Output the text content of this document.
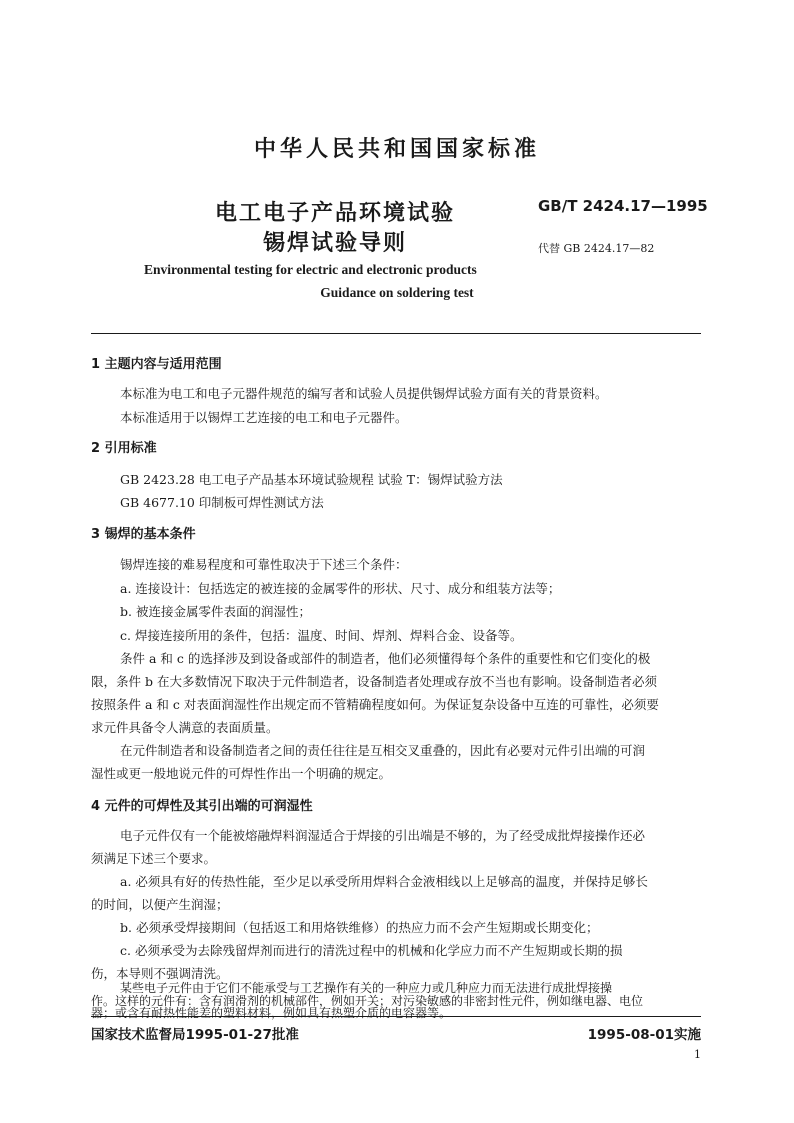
中华人民共和国国家标准
电工电子产品环境试验
锡焊试验导则
GB/T 2424.17—1995
代替 GB 2424.17—82
Environmental testing for electric and electronic products
Guidance on soldering test
1 主题内容与适用范围
本标准为电工和电子元器件规范的编写者和试验人员提供锡焊试验方面有关的背景资料。
本标准适用于以锡焊工艺连接的电工和电子元器件。
2 引用标准
GB 2423.28 电工电子产品基本环境试验规程 试验 T：锡焊试验方法
GB 4677.10 印制板可焊性测试方法
3 锡焊的基本条件
锡焊连接的难易程度和可靠性取决于下述三个条件：
a. 连接设计：包括选定的被连接的金属零件的形状、尺寸、成分和组装方法等；
b. 被连接金属零件表面的润湿性；
c. 焊接连接所用的条件，包括：温度、时间、焊剂、焊料合金、设备等。
条件 a 和 c 的选择涉及到设备或部件的制造者，他们必须懂得每个条件的重要性和它们变化的极
限，条件 b 在大多数情况下取决于元件制造者，设备制造者处理或存放不当也有影响。设备制造者必须
按照条件 a 和 c 对表面润湿性作出规定而不管精确程度如何。为保证复杂设备中互连的可靠性，必须要
求元件具备令人满意的表面质量。
在元件制造者和设备制造者之间的责任往往是互相交叉重叠的，因此有必要对元件引出端的可润
湿性或更一般地说元件的可焊性作出一个明确的规定。
4 元件的可焊性及其引出端的可润湿性
电子元件仅有一个能被熔融焊料润湿适合于焊接的引出端是不够的，为了经受成批焊接操作还必
须满足下述三个要求。
a. 必须具有好的传热性能，至少足以承受所用焊料合金液相线以上足够高的温度，并保持足够长
的时间，以便产生润湿；
b. 必须承受焊接期间（包括返工和用烙铁维修）的热应力而不会产生短期或长期变化；
c. 必须承受为去除残留焊剂而进行的清洗过程中的机械和化学应力而不产生短期或长期的损
伤，本导则不强调清洗。
某些电子元件由于它们不能承受与工艺操作有关的一种应力或几种应力而无法进行成批焊接操
国家技术监督局1995-01-27批准	1995-08-01实施
1
作。这样的元件有：含有润滑剂的机械部件，例如开关；对污染敏感的非密封性元件，例如继电器、电位
器；或含有耐热性能差的塑料材料，例如具有热塑介质的电容器等。
